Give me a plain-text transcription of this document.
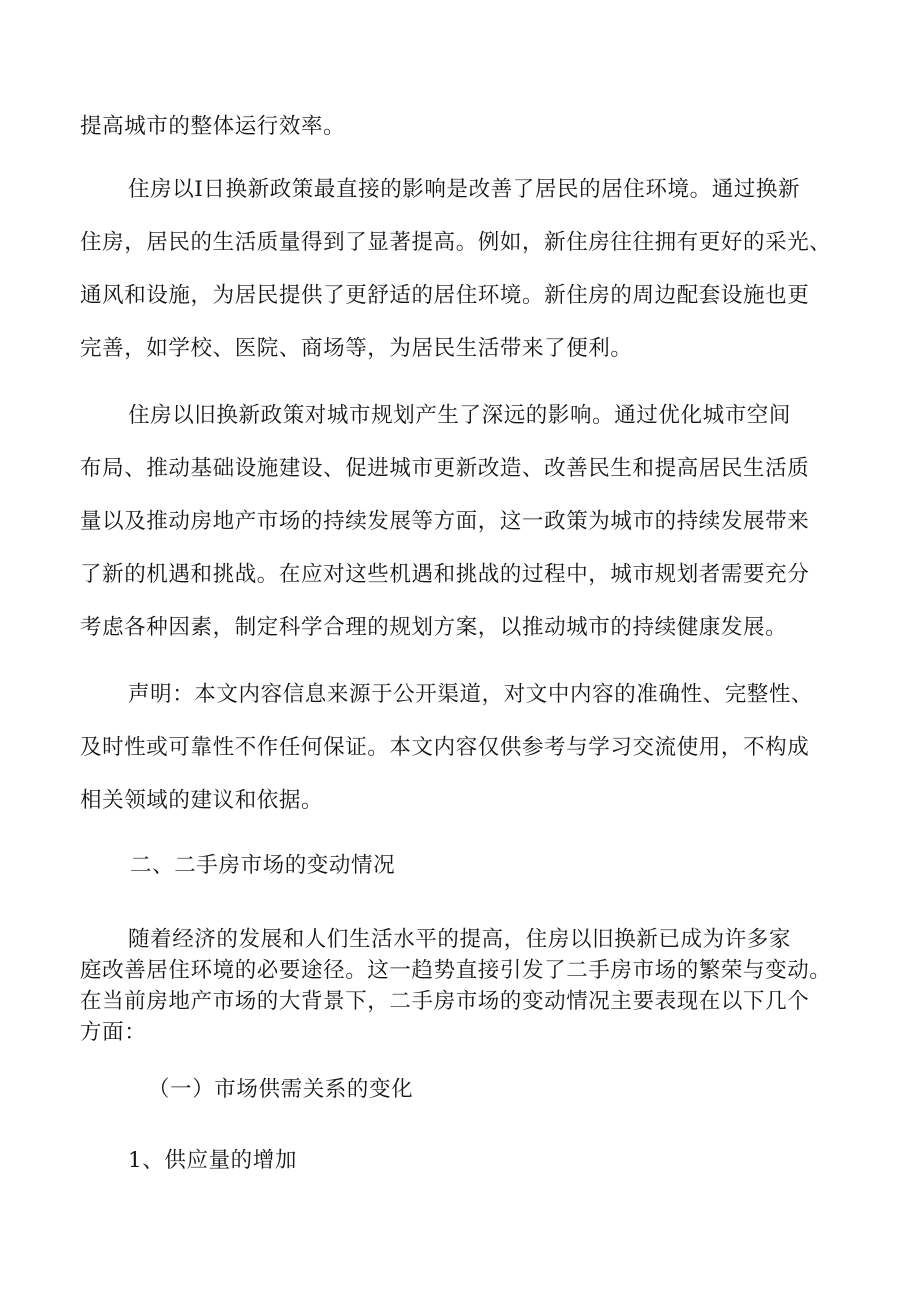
提高城市的整体运行效率。

住房以Ⅰ日换新政策最直接的影响是改善了居民的居住环境。通过换新
住房，居民的生活质量得到了显著提高。例如，新住房往往拥有更好的采光、
通风和设施，为居民提供了更舒适的居住环境。新住房的周边配套设施也更
完善，如学校、医院、商场等，为居民生活带来了便利。

住房以旧换新政策对城市规划产生了深远的影响。通过优化城市空间
布局、推动基础设施建设、促进城市更新改造、改善民生和提高居民生活质
量以及推动房地产市场的持续发展等方面，这一政策为城市的持续发展带来
了新的机遇和挑战。在应对这些机遇和挑战的过程中，城市规划者需要充分
考虑各种因素，制定科学合理的规划方案，以推动城市的持续健康发展。

声明：本文内容信息来源于公开渠道，对文中内容的准确性、完整性、
及时性或可靠性不作任何保证。本文内容仅供参考与学习交流使用，不构成
相关领域的建议和依据。

二、二手房市场的变动情况

随着经济的发展和人们生活水平的提高，住房以旧换新已成为许多家
庭改善居住环境的必要途径。这一趋势直接引发了二手房市场的繁荣与变动。
在当前房地产市场的大背景下，二手房市场的变动情况主要表现在以下几个
方面：

（一）市场供需关系的变化
1、供应量的增加
